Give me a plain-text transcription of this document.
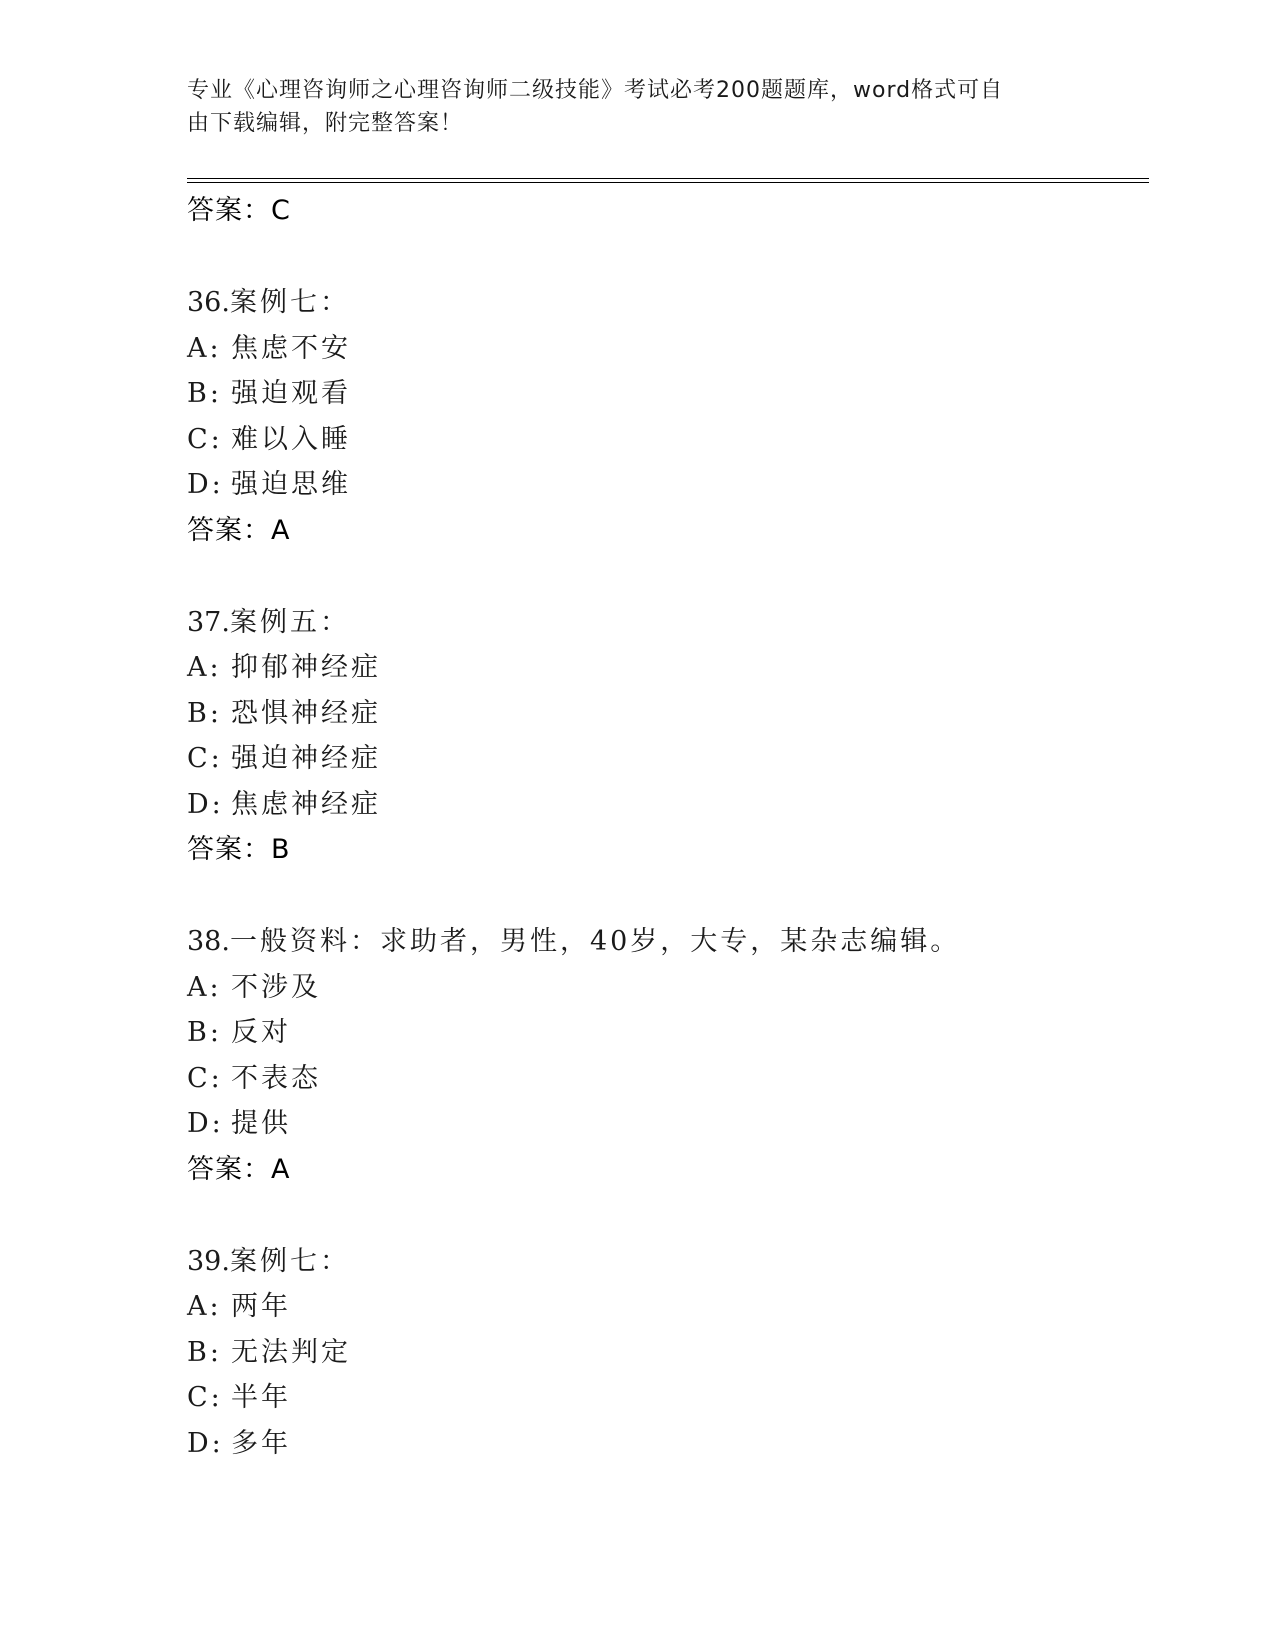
专业《心理咨询师之心理咨询师二级技能》考试必考200题题库，word格式可自
由下载编辑，附完整答案！
答案：C
36.案例七：
A: 焦虑不安
B: 强迫观看
C: 难以入睡
D: 强迫思维
答案：A
37.案例五：
A: 抑郁神经症
B: 恐惧神经症
C: 强迫神经症
D: 焦虑神经症
答案：B
38.一般资料：求助者，男性，40岁，大专，某杂志编辑。
A: 不涉及
B: 反对
C: 不表态
D: 提供
答案：A
39.案例七：
A: 两年
B: 无法判定
C: 半年
D: 多年
